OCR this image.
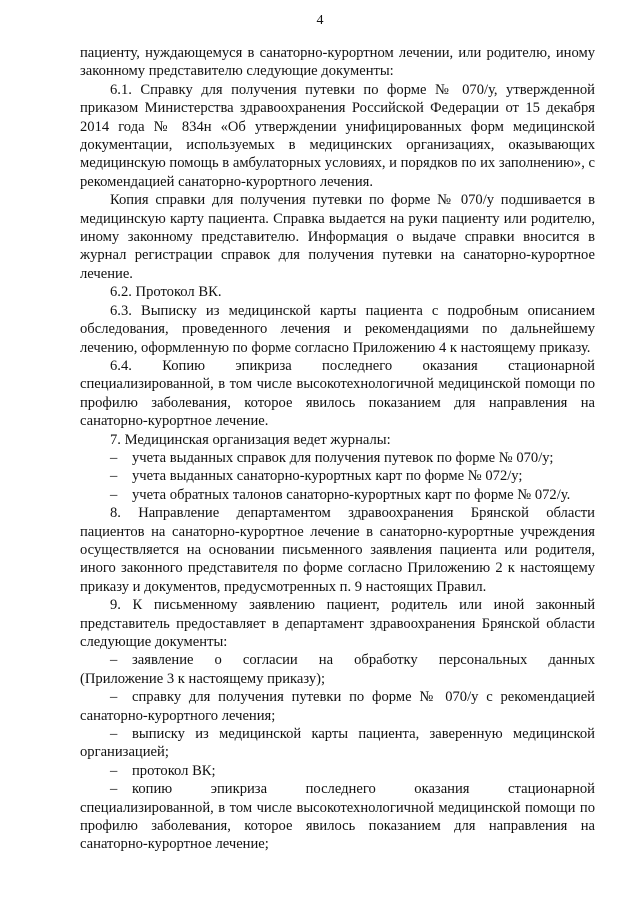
4

пациенту, нуждающемуся в санаторно-курортном лечении, или родителю, иному законному представителю следующие документы:

6.1. Справку для получения путевки по форме № 070/у, утвержденной приказом Министерства здравоохранения Российской Федерации от 15 декабря 2014 года № 834н «Об утверждении унифицированных форм медицинской документации, используемых в медицинских организациях, оказывающих медицинскую помощь в амбулаторных условиях, и порядков по их заполнению», с рекомендацией санаторно-курортного лечения.

Копия справки для получения путевки по форме № 070/у подшивается в медицинскую карту пациента. Справка выдается на руки пациенту или родителю, иному законному представителю. Информация о выдаче справки вносится в журнал регистрации справок для получения путевки на санаторно-курортное лечение.

6.2. Протокол ВК.

6.3. Выписку из медицинской карты пациента с подробным описанием обследования, проведенного лечения и рекомендациями по дальнейшему лечению, оформленную по форме согласно Приложению 4 к настоящему приказу.

6.4.       Копию       эпикриза       последнего       оказания       стационарной специализированной, в том числе высокотехнологичной медицинской помощи по профилю заболевания, которое явилось показанием для направления на санаторно-курортное лечение.

7. Медицинская организация ведет журналы:

– учета выданных справок для получения путевок по форме № 070/у;

– учета выданных санаторно-курортных карт по форме № 072/у;

– учета обратных талонов санаторно-курортных карт по форме № 072/у.

8.   Направление   департаментом   здравоохранения   Брянской   области пациентов на санаторно-курортное лечение в санаторно-курортные учреждения осуществляется на основании письменного заявления пациента или родителя, иного законного представителя по форме согласно Приложению 2 к настоящему приказу и документов, предусмотренных п. 9 настоящих Правил.

9. К письменному заявлению пациент, родитель или иной законный представитель предоставляет в департамент здравоохранения Брянской области следующие документы:

– заявление   о   согласии   на   обработку   персональных   данных (Приложение 3 к настоящему приказу);

– справку для получения путевки по форме № 070/у с рекомендацией санаторно-курортного лечения;

– выписку из медицинской карты пациента, заверенную медицинской организацией;

– протокол ВК;

– копию       эпикриза       последнего       оказания       стационарной специализированной, в том числе высокотехнологичной медицинской помощи по профилю заболевания, которое явилось показанием для направления на санаторно-курортное лечение;
